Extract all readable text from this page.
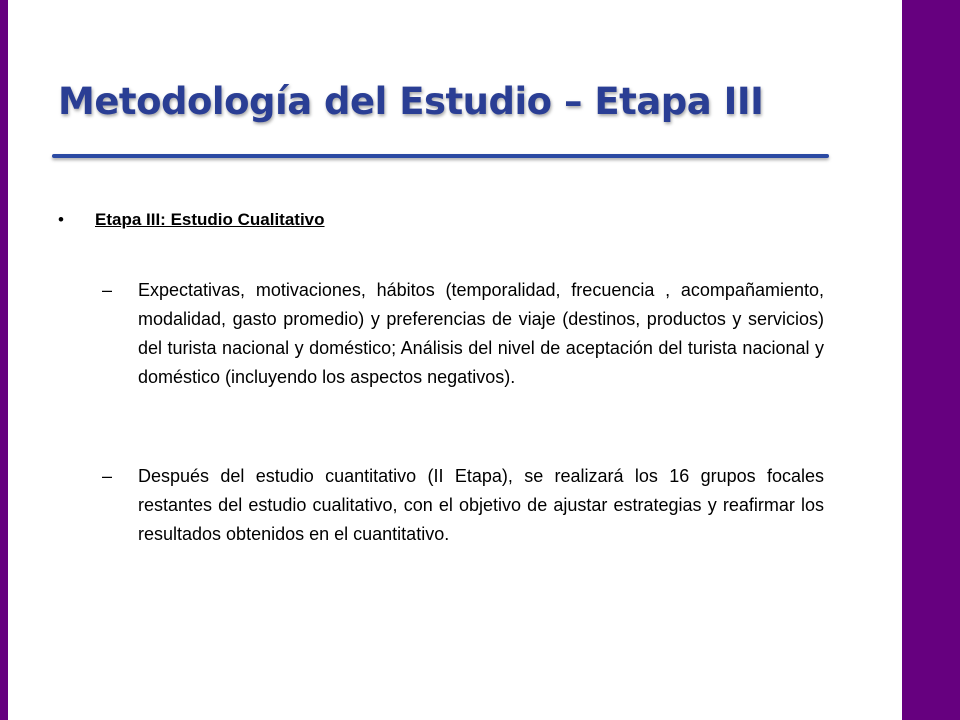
Metodología del Estudio – Etapa III
• Etapa III: Estudio Cualitativo
– Expectativas, motivaciones, hábitos (temporalidad, frecuencia , acompañamiento, modalidad, gasto promedio) y preferencias de viaje (destinos, productos y servicios) del turista nacional y doméstico; Análisis del nivel de aceptación del turista nacional y doméstico (incluyendo los aspectos negativos).
– Después del estudio cuantitativo (II Etapa), se realizará los 16 grupos focales restantes del estudio cualitativo, con el objetivo de ajustar estrategias y reafirmar los resultados obtenidos en el cuantitativo.
